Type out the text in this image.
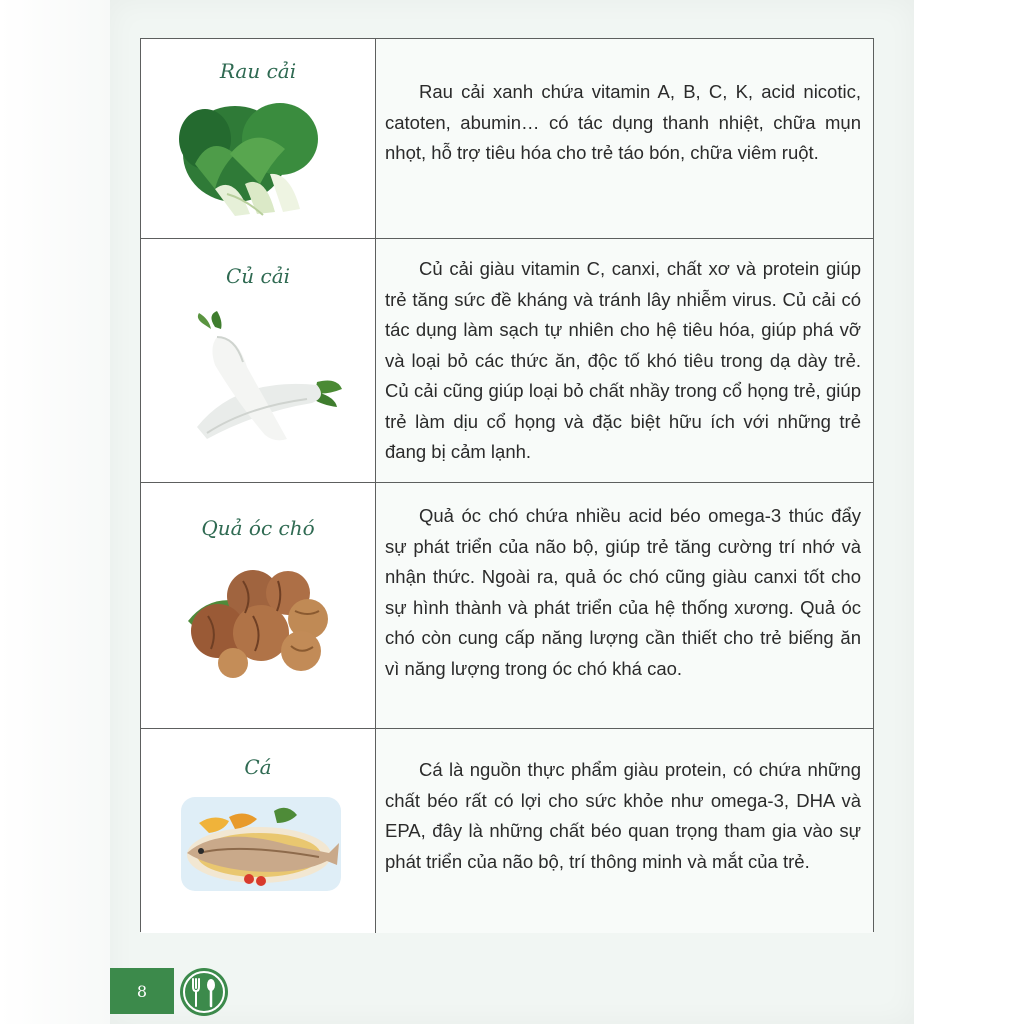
Rau cải
Rau cải xanh chứa vitamin A, B, C, K, acid nicotic, catoten, abumin… có tác dụng thanh nhiệt, chữa mụn nhọt, hỗ trợ tiêu hóa cho trẻ táo bón, chữa viêm ruột.
Củ cải	Củ cải giàu vitamin C, canxi, chất xơ và protein giúp trẻ tăng sức đề kháng và tránh lây nhiễm virus. Củ cải có tác dụng làm sạch tự nhiên cho hệ tiêu hóa, giúp phá vỡ và loại bỏ các thức ăn, độc tố khó tiêu trong dạ dày trẻ. Củ cải cũng giúp loại bỏ chất nhầy trong cổ họng trẻ, giúp trẻ làm dịu cổ họng và đặc biệt hữu ích với những trẻ đang bị cảm lạnh.
Quả óc chó
Quả óc chó chứa nhiều acid béo omega-3 thúc đẩy sự phát triển của não bộ, giúp trẻ tăng cường trí nhớ và nhận thức. Ngoài ra, quả óc chó cũng giàu canxi tốt cho sự hình thành và phát triển của hệ thống xương. Quả óc chó còn cung cấp năng lượng cần thiết cho trẻ biếng ăn vì năng lượng trong óc chó khá cao.
Cá	Cá là nguồn thực phẩm giàu protein, có chứa những chất béo rất có lợi cho sức khỏe như omega-3, DHA và EPA, đây là những chất béo quan trọng tham gia vào sự phát triển của não bộ, trí thông minh và mắt của trẻ.
8
